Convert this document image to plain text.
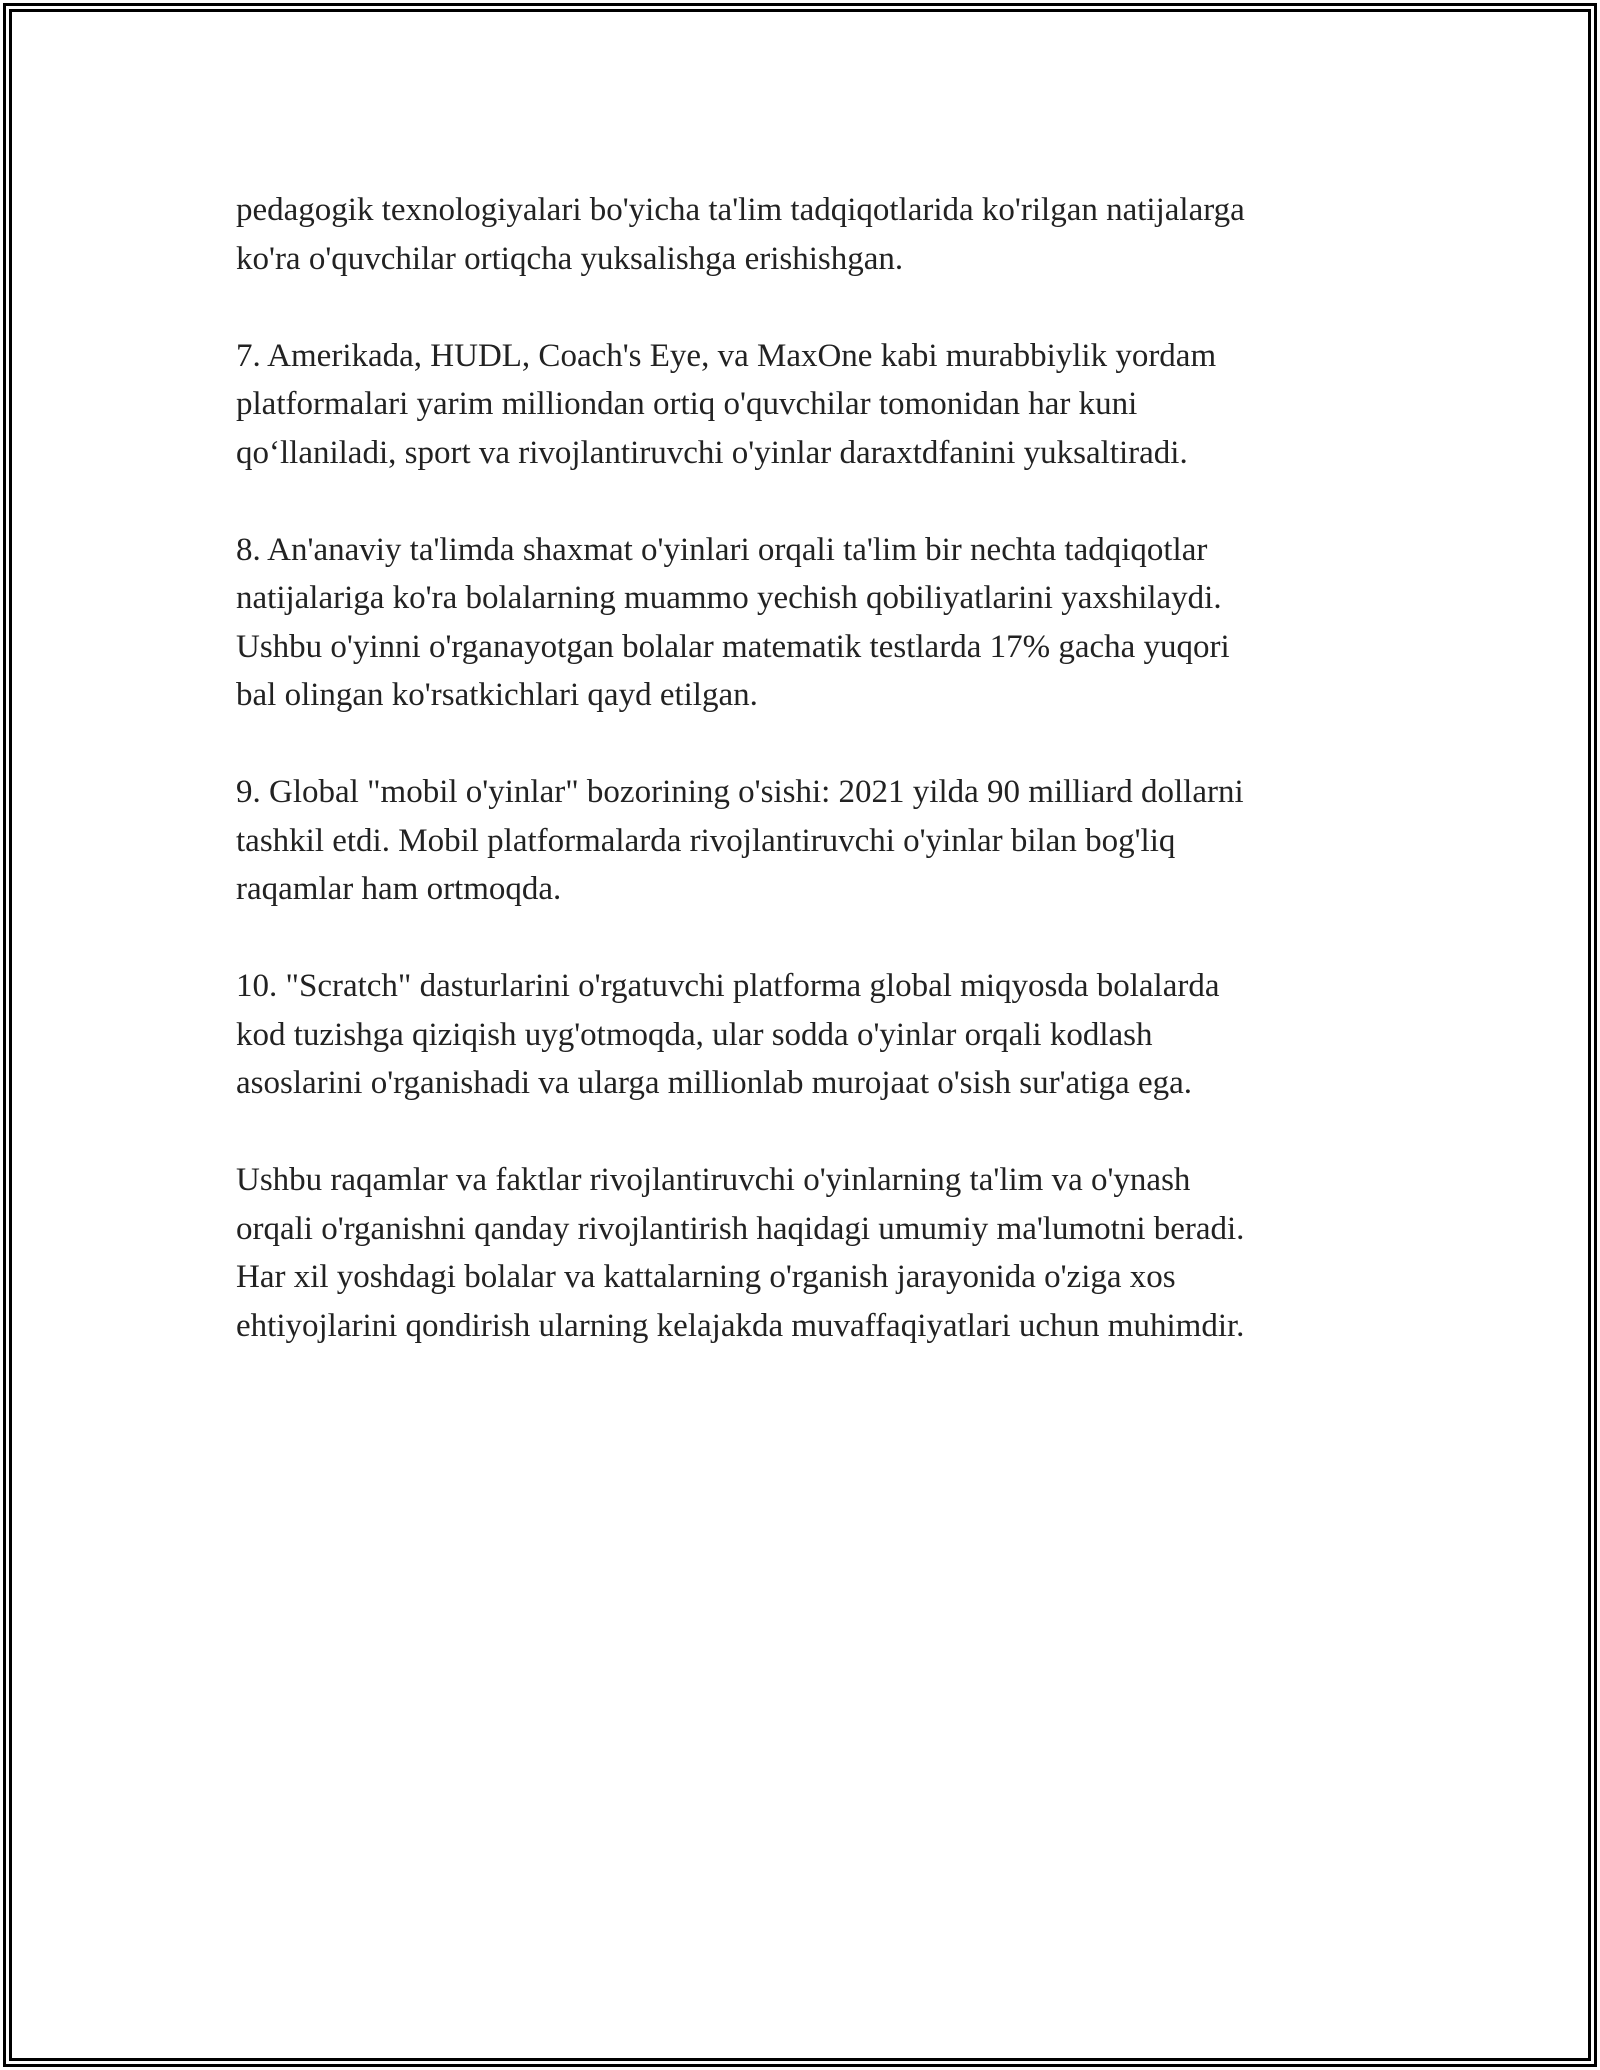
pedagogik texnologiyalari bo'yicha ta'lim tadqiqotlarida ko'rilgan natijalarga
ko'ra o'quvchilar ortiqcha yuksalishga erishishgan.

7. Amerikada, HUDL, Coach's Eye, va MaxOne kabi murabbiylik yordam
platformalari yarim milliondan ortiq o'quvchilar tomonidan har kuni
qo‘llaniladi, sport va rivojlantiruvchi o'yinlar daraxtdfanini yuksaltiradi.

8. An'anaviy ta'limda shaxmat o'yinlari orqali ta'lim bir nechta tadqiqotlar
natijalariga ko'ra bolalarning muammo yechish qobiliyatlarini yaxshilaydi.
Ushbu o'yinni o'rganayotgan bolalar matematik testlarda 17% gacha yuqori
bal olingan ko'rsatkichlari qayd etilgan.

9. Global "mobil o'yinlar" bozorining o'sishi: 2021 yilda 90 milliard dollarni
tashkil etdi. Mobil platformalarda rivojlantiruvchi o'yinlar bilan bog'liq
raqamlar ham ortmoqda.

10. "Scratch" dasturlarini o'rgatuvchi platforma global miqyosda bolalarda
kod tuzishga qiziqish uyg'otmoqda, ular sodda o'yinlar orqali kodlash
asoslarini o'rganishadi va ularga millionlab murojaat o'sish sur'atiga ega.

Ushbu raqamlar va faktlar rivojlantiruvchi o'yinlarning ta'lim va o'ynash
orqali o'rganishni qanday rivojlantirish haqidagi umumiy ma'lumotni beradi.
Har xil yoshdagi bolalar va kattalarning o'rganish jarayonida o'ziga xos
ehtiyojlarini qondirish ularning kelajakda muvaffaqiyatlari uchun muhimdir.
